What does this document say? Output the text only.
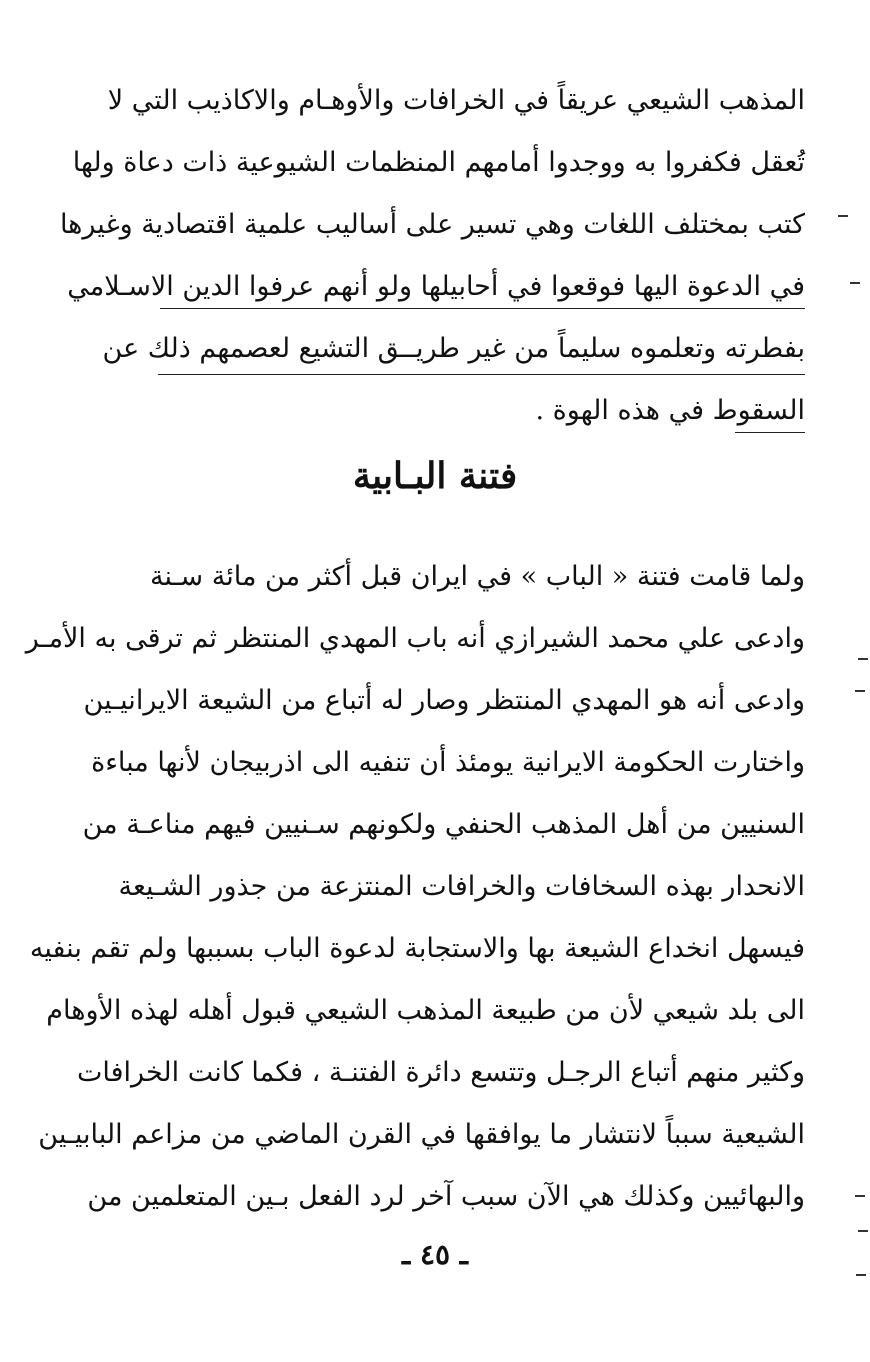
المذهب الشيعي عريقاً في الخرافات والأوهـام والاكاذيب التي لا
تُعقل فكفروا به ووجدوا أمامهم المنظمات الشيوعية ذات دعاة ولها
كتب بمختلف اللغات وهي تسير على أساليب علمية اقتصادية وغيرها
في الدعوة اليها فوقعوا في أحابيلها ولو أنهم عرفوا الدين الاسـلامي
بفطرته وتعلموه سليماً من غير طريــق التشيع لعصمهم ذلك عن
السقوط في هذه الهوة .
فتنة البـابية
ولما قامت فتنة « الباب » في ايران قبل أكثر من مائة سـنة
وادعى علي محمد الشيرازي أنه باب المهدي المنتظر ثم ترقى به الأمـر
وادعى أنه هو المهدي المنتظر وصار له أتباع من الشيعة الايرانيـين
واختارت الحكومة الايرانية يومئذ أن تنفيه الى اذربيجان لأنها مباءة
السنيين من أهل المذهب الحنفي ولكونهم سـنيين فيهم مناعـة من
الانحدار بهذه السخافات والخرافات المنتزعة من جذور الشـيعة
فيسهل انخداع الشيعة بها والاستجابة لدعوة الباب بسببها ولم تقم بنفيه
الى بلد شيعي لأن من طبيعة المذهب الشيعي قبول أهله لهذه الأوهام
وكثير منهم أتباع الرجـل وتتسع دائرة الفتنـة ، فكما كانت الخرافات
الشيعية سبباً لانتشار ما يوافقها في القرن الماضي من مزاعم البابيـين
والبهائيين وكذلك هي الآن سبب آخر لرد الفعل بـين المتعلمين من
ـ ٤٥ ـ
